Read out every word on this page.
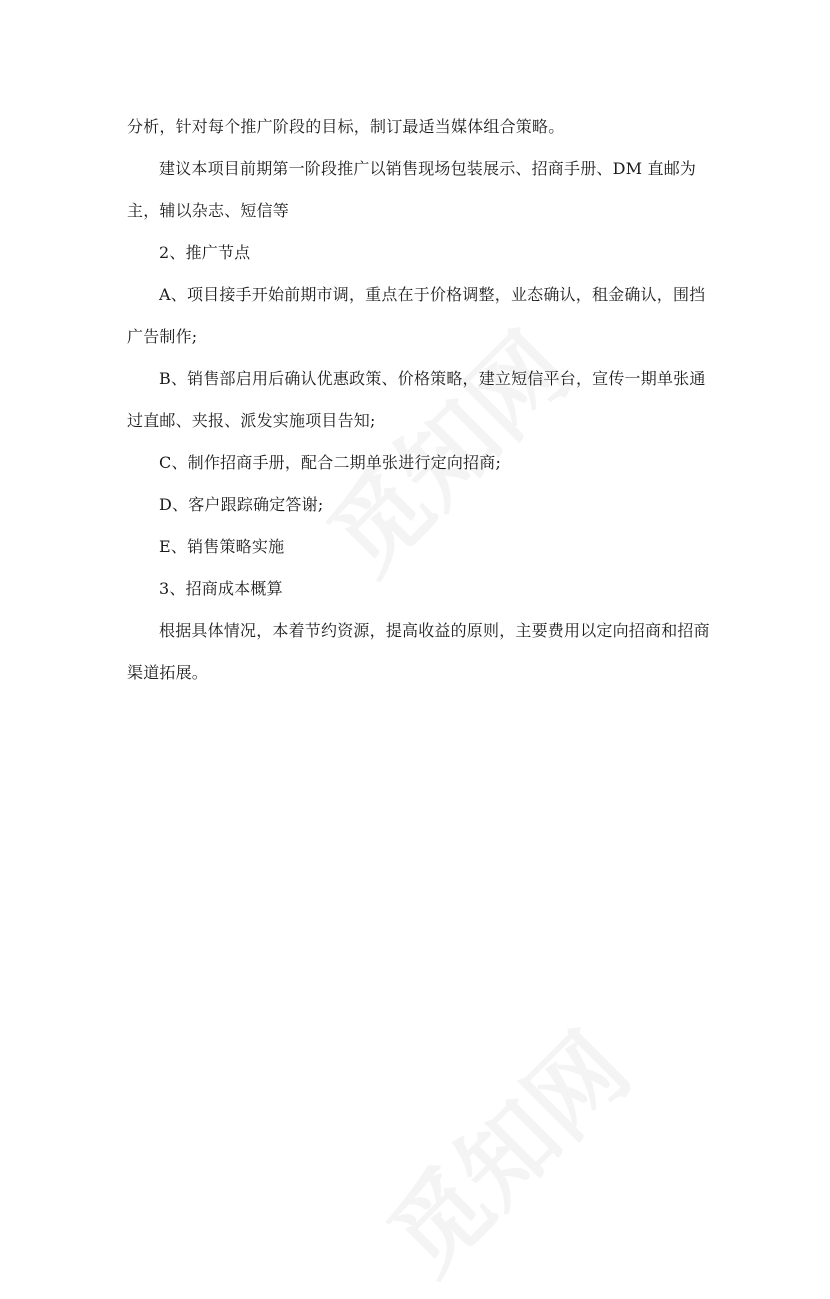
分析，针对每个推广阶段的目标，制订最适当媒体组合策略。

建议本项目前期第一阶段推广以销售现场包装展示、招商手册、DM 直邮为主，辅以杂志、短信等

2、推广节点

A、项目接手开始前期市调，重点在于价格调整，业态确认，租金确认，围挡广告制作;

B、销售部启用后确认优惠政策、价格策略，建立短信平台，宣传一期单张通过直邮、夹报、派发实施项目告知;

C、制作招商手册，配合二期单张进行定向招商;

D、客户跟踪确定答谢;

E、销售策略实施

3、招商成本概算

根据具体情况，本着节约资源，提高收益的原则，主要费用以定向招商和招商渠道拓展。
